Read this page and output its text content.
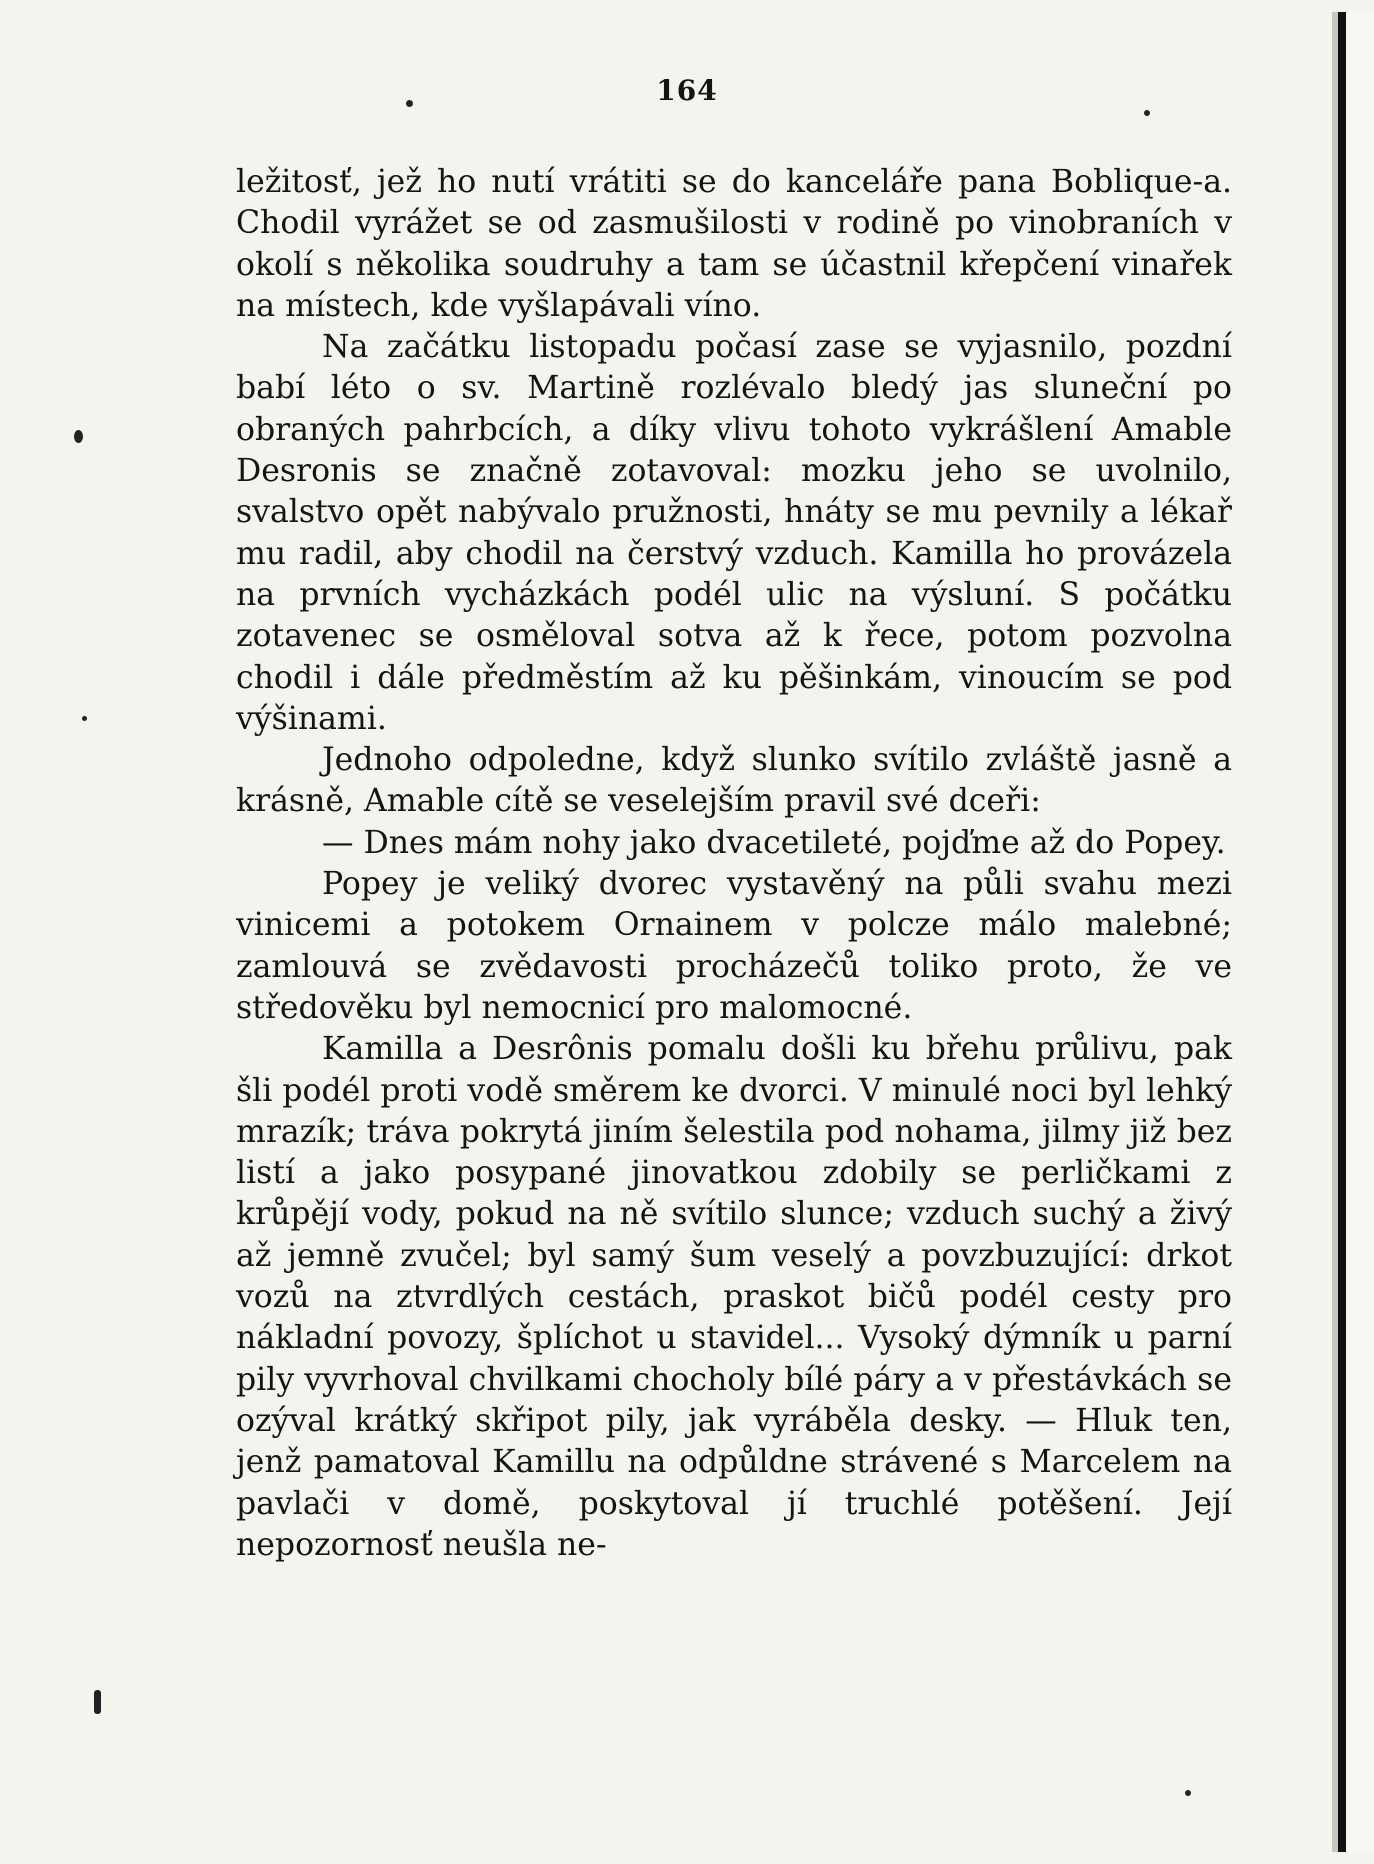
164

ležitosť, jež ho nutí vrátiti se do kanceláře pana Boblique-a. Chodil vyrážet se od zasmušilosti v rodině po vinobraních v okolí s několika soudruhy a tam se účastnil křepčení vinařek na místech, kde vyšlapávali víno.

Na začátku listopadu počasí zase se vyjasnilo, pozdní babí léto o sv. Martině rozlévalo bledý jas sluneční po obraných pahrbcích, a díky vlivu tohoto vykrášlení Amable Desronis se značně zotavoval: mozku jeho se uvolnilo, svalstvo opět nabývalo pružnosti, hnáty se mu pevnily a lékař mu radil, aby chodil na čerstvý vzduch. Kamilla ho provázela na prvních vycházkách podél ulic na výsluní. S počátku zotavenec se osměloval sotva až k řece, potom pozvolna chodil i dále předměstím až ku pěšinkám, vinoucím se pod výšinami.

Jednoho odpoledne, když slunko svítilo zvláště jasně a krásně, Amable cítě se veselejším pravil své dceři:

— Dnes mám nohy jako dvacetileté, pojďme až do Popey.

Popey je veliký dvorec vystavěný na půli svahu mezi vinicemi a potokem Ornainem v polcze málo malebné; zamlouvá se zvědavosti procházečů toliko proto, že ve středověku byl nemocnicí pro malomocné.

Kamilla a Desrônis pomalu došli ku břehu průlivu, pak šli podél proti vodě směrem ke dvorci. V minulé noci byl lehký mrazík; tráva pokrytá jiním šelestila pod nohama, jilmy již bez listí a jako posypané jinovatkou zdobily se perličkami z krůpějí vody, pokud na ně svítilo slunce; vzduch suchý a živý až jemně zvučel; byl samý šum veselý a povzbuzující: drkot vozů na ztvrdlých cestách, praskot bičů podél cesty pro nákladní povozy, šplíchot u stavidel... Vysoký dýmník u parní pily vyvrhoval chvilkami chocholy bílé páry a v přestávkách se ozýval krátký skřipot pily, jak vyráběla desky. — Hluk ten, jenž pamatoval Kamillu na odpůldne strávené s Marcelem na pavlači v domě, poskytoval jí truchlé potěšení. Její nepozornosť neušla ne-
